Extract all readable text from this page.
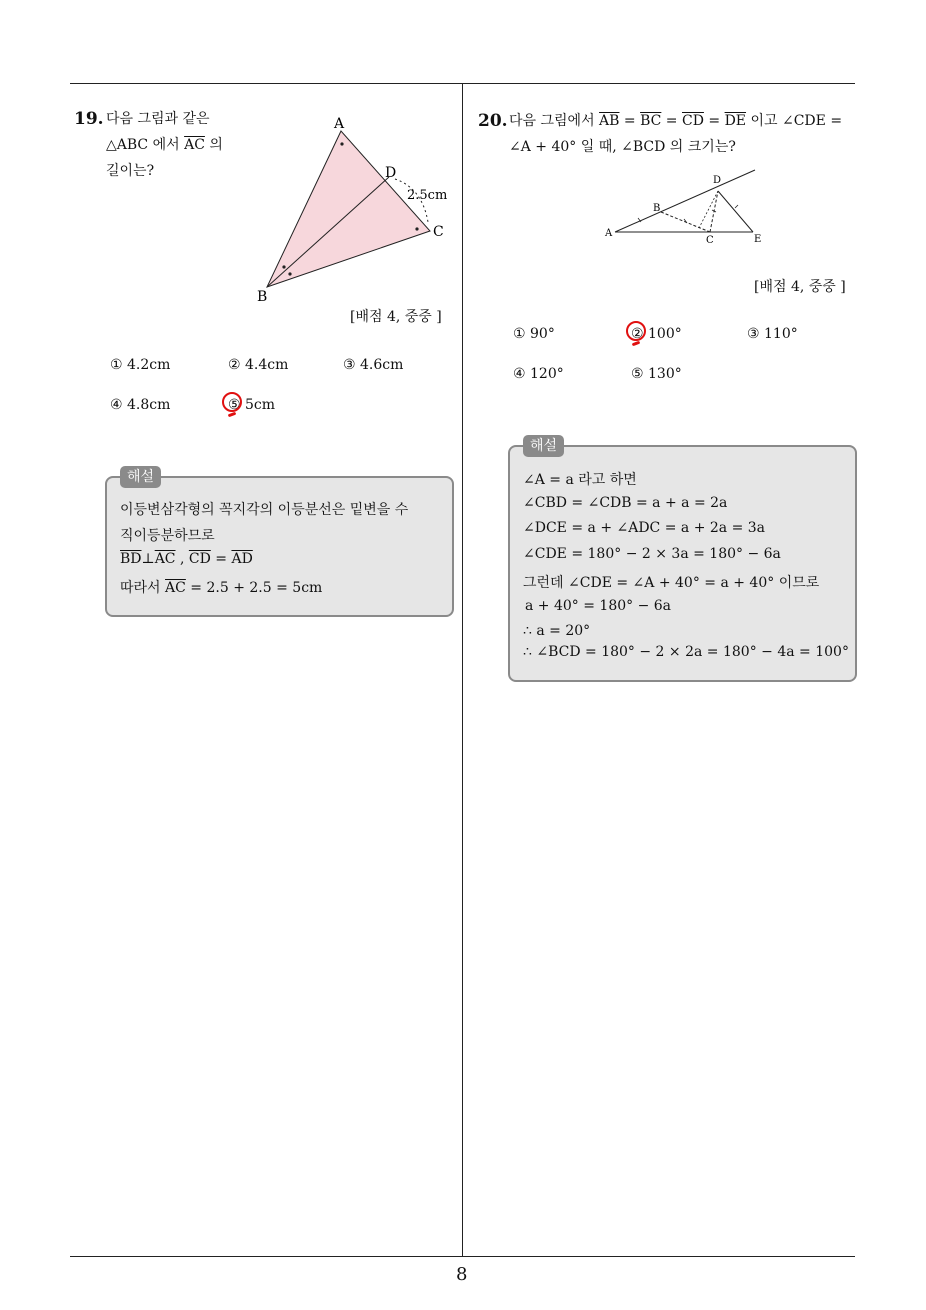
19. 다음 그림과 같은
△ABC 에서 $\overline{AC}$ 의
길이는?
A
B
C
D
2.5cm
[배점 4, 중중 ]
① 4.2cm	② 4.4cm	③ 4.6cm
④ 4.8cm	⑤ 5cm
해설
이등변삼각형의 꼭지각의 이등분선은 밑변을 수
직이등분하므로
$\overline{BD}\perp\overline{AC}$ , $\overline{CD} = \overline{AD}$
따라서 $\overline{AC} = 2.5 + 2.5 = 5cm$
20. 다음 그림에서 $\overline{AB} = \overline{BC} = \overline{CD} = \overline{DE}$ 이고 ∠CDE =
∠A + 40° 일 때, ∠BCD 의 크기는?
A
B
C
D
E
[배점 4, 중중 ]
① 90°	② 100°	③ 110°
④ 120°	⑤ 130°
해설
∠A = a 라고 하면
∠CBD = ∠CDB = a + a = 2a
∠DCE = a + ∠ADC = a + 2a = 3a
∠CDE = 180° − 2 × 3a = 180° − 6a
그런데 ∠CDE = ∠A + 40° = a + 40° 이므로
a + 40° = 180° − 6a
∴ a = 20°
∴ ∠BCD = 180° − 2 × 2a = 180° − 4a = 100°
8
